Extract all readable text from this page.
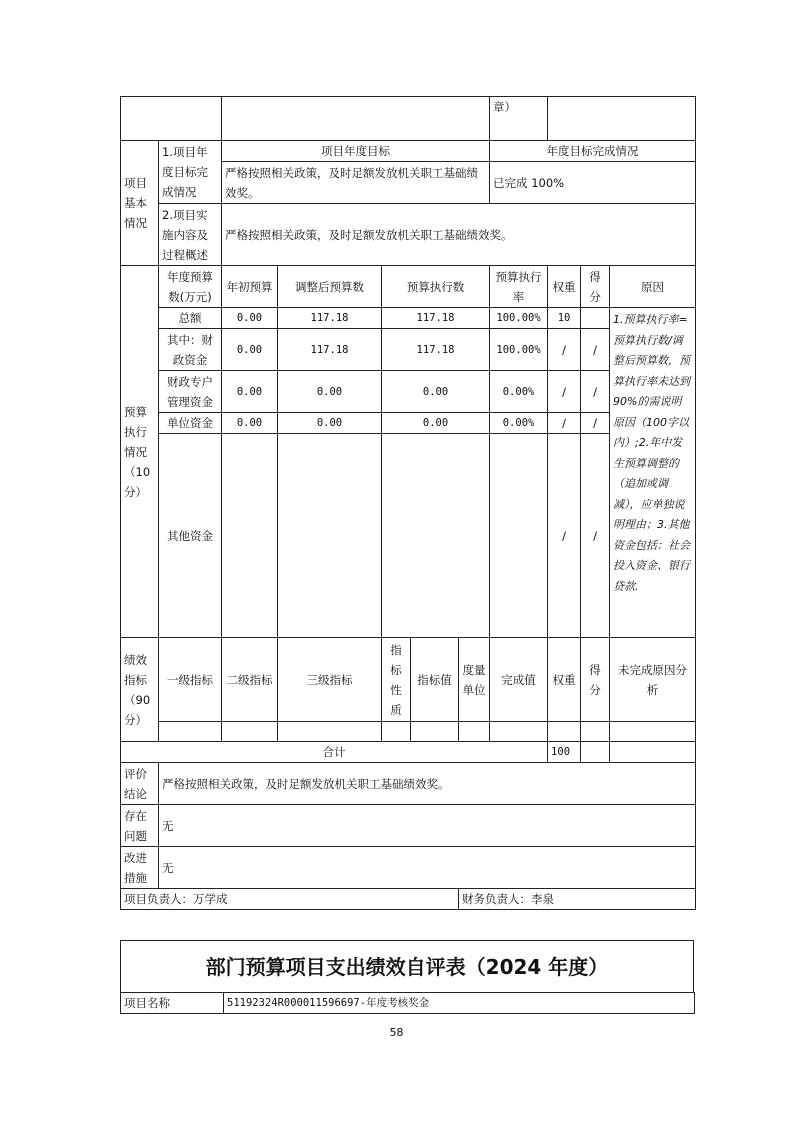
							章）			
项目基本情况	1.项目年度目标完成情况	项目年度目标					年度目标完成情况			
		严格按照相关政策，及时足额发放机关职工基础绩效奖。					已完成 100%			
	2.项目实施内容及过程概述	严格按照相关政策，及时足额发放机关职工基础绩效奖。								
预算执行情况（10分）	年度预算数(万元)	年初预算	调整后预算数	预算执行数			预算执行率	权重	得分	原因
	总额	0.00	117.18	117.18			100.00%	10		1.预算执行率=预算执行数/调整后预算数，预算执行率未达到90%的需说明原因（100字以内）;2.年中发生预算调整的（追加或调减），应单独说明理由；3.其他资金包括：社会投入资金、银行贷款.
	其中：财政资金	0.00	117.18	117.18			100.00%	/	/	
	财政专户管理资金	0.00	0.00	0.00			0.00%	/	/	
	单位资金	0.00	0.00	0.00			0.00%	/	/	
	其他资金							/	/	
绩效指标（90分）	一级指标	二级指标	三级指标	指标性质	指标值	度量单位	完成值	权重	得分	未完成原因分析

合计								100		
评价结论	严格按照相关政策，及时足额发放机关职工基础绩效奖。									
存在问题	无									
改进措施	无									
项目负责人：万学成						财务负责人：李泉				
部门预算项目支出绩效自评表（2024 年度）
项目名称	51192324R000011596697-年度考核奖金
58
